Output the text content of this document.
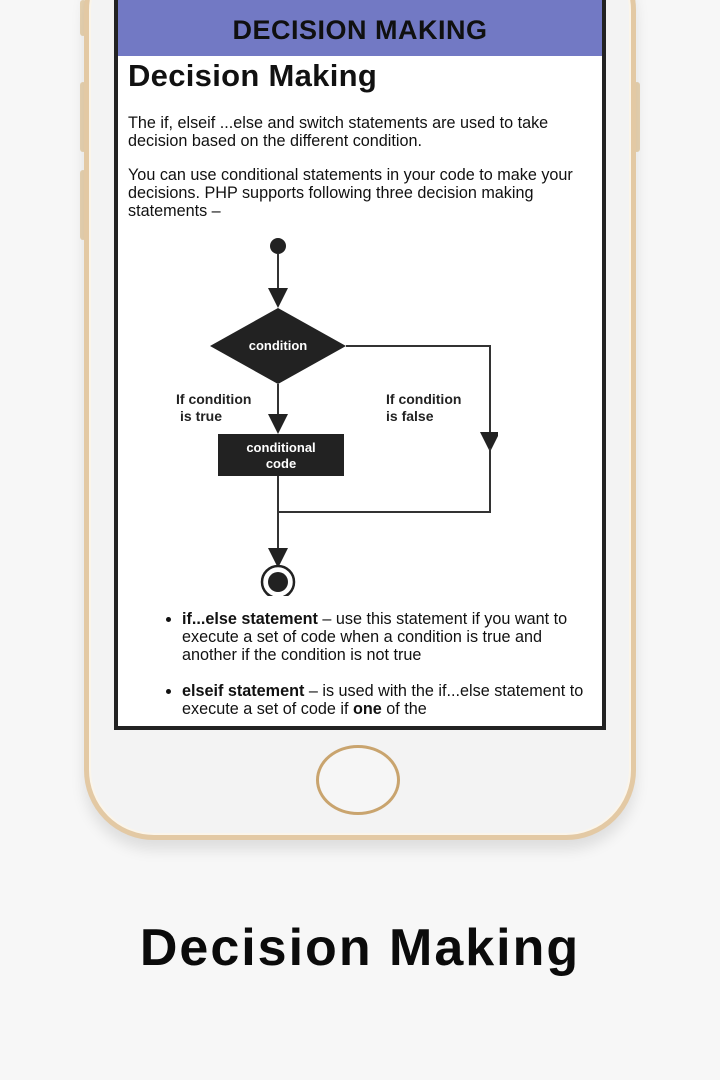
DECISION MAKING
Decision Making

The if, elseif ...else and switch statements are used to take decision based on the different condition.

You can use conditional statements in your code to make your decisions. PHP supports following three decision making statements –

condition
If condition
is true
If condition
is false
conditional
code
• if...else statement – use this statement if you want to execute a set of code when a condition is true and another if the condition is not true
• elseif statement – is used with the if...else statement to execute a set of code if one of the
Decision Making
